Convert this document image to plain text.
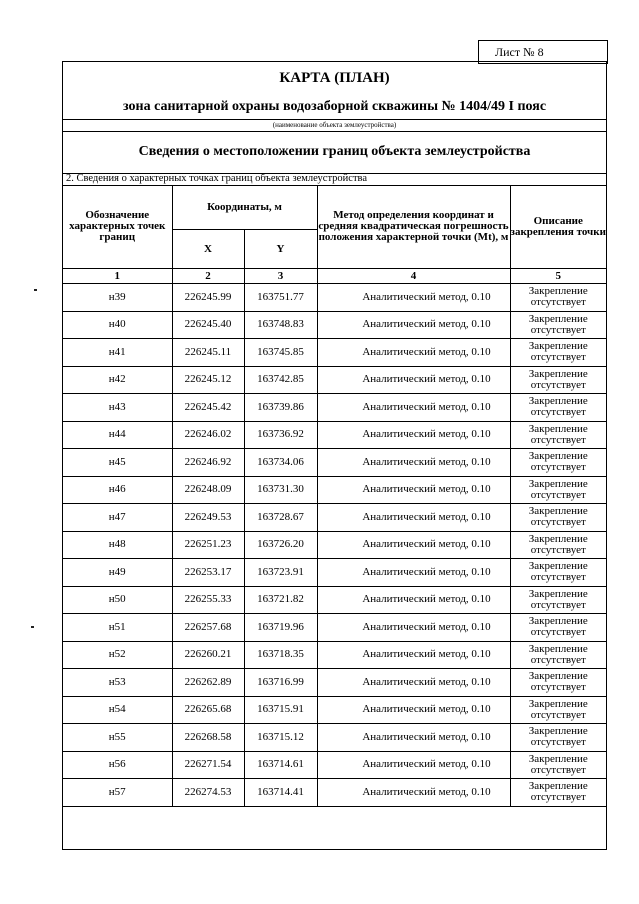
Лист № 8
КАРТА (ПЛАН)
зона санитарной охраны водозаборной скважины № 1404/49 I пояс
(наименование объекта землеустройства)
Сведения о местоположении границ объекта землеустройства
2. Сведения о характерных точках границ объекта землеустройства
Обозначение характерных точек границ	Координаты, м		Метод определения координат и средняя квадратическая погрешность положения характерной точки (Mt), м	Описание закрепления точки
	X	Y		
1	2	3	4	5
н39	226245.99	163751.77	Аналитический метод, 0.10	Закрепление отсутствует
н40	226245.40	163748.83	Аналитический метод, 0.10	Закрепление отсутствует
н41	226245.11	163745.85	Аналитический метод, 0.10	Закрепление отсутствует
н42	226245.12	163742.85	Аналитический метод, 0.10	Закрепление отсутствует
н43	226245.42	163739.86	Аналитический метод, 0.10	Закрепление отсутствует
н44	226246.02	163736.92	Аналитический метод, 0.10	Закрепление отсутствует
н45	226246.92	163734.06	Аналитический метод, 0.10	Закрепление отсутствует
н46	226248.09	163731.30	Аналитический метод, 0.10	Закрепление отсутствует
н47	226249.53	163728.67	Аналитический метод, 0.10	Закрепление отсутствует
н48	226251.23	163726.20	Аналитический метод, 0.10	Закрепление отсутствует
н49	226253.17	163723.91	Аналитический метод, 0.10	Закрепление отсутствует
н50	226255.33	163721.82	Аналитический метод, 0.10	Закрепление отсутствует
н51	226257.68	163719.96	Аналитический метод, 0.10	Закрепление отсутствует
н52	226260.21	163718.35	Аналитический метод, 0.10	Закрепление отсутствует
н53	226262.89	163716.99	Аналитический метод, 0.10	Закрепление отсутствует
н54	226265.68	163715.91	Аналитический метод, 0.10	Закрепление отсутствует
н55	226268.58	163715.12	Аналитический метод, 0.10	Закрепление отсутствует
н56	226271.54	163714.61	Аналитический метод, 0.10	Закрепление отсутствует
н57	226274.53	163714.41	Аналитический метод, 0.10	Закрепление отсутствует
